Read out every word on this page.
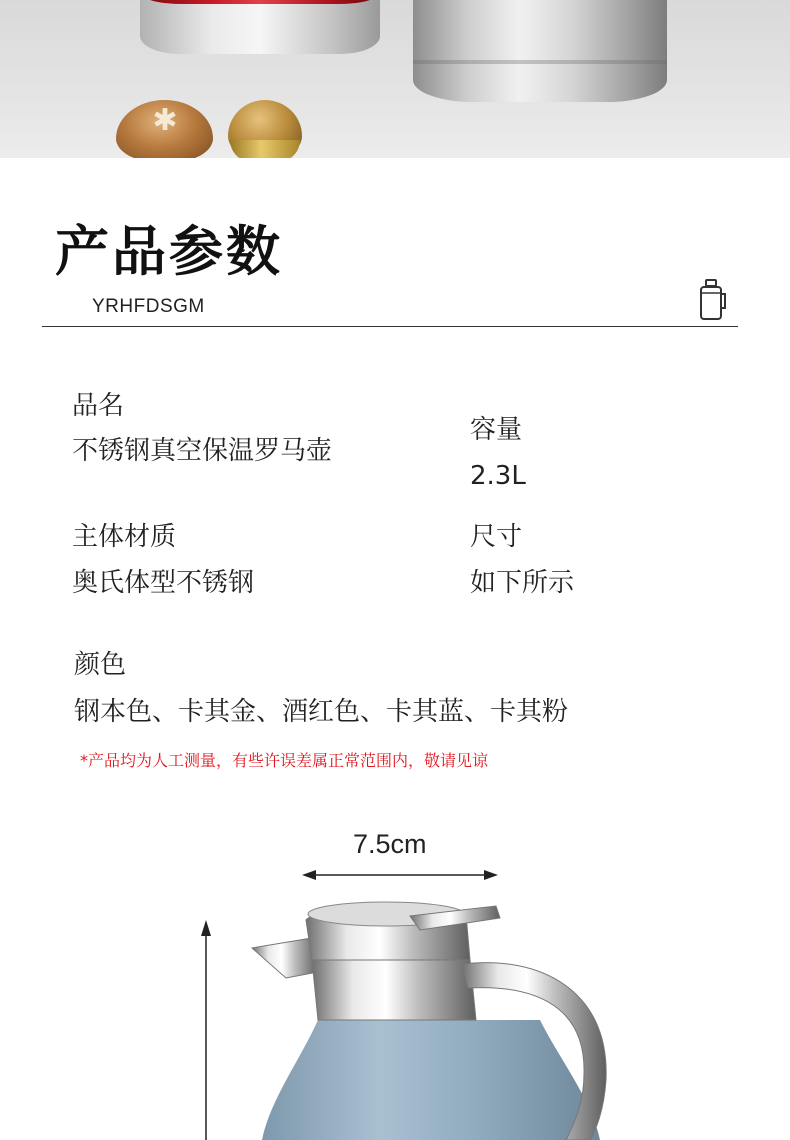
✱
产品参数
YRHFDSGM
品名
不锈钢真空保温罗马壶
容量
2.3L
主体材质
奥氏体型不锈钢
尺寸
如下所示
颜色
钢本色、卡其金、酒红色、卡其蓝、卡其粉
*产品均为人工测量，有些许误差属正常范围内，敬请见谅
7.5cm
